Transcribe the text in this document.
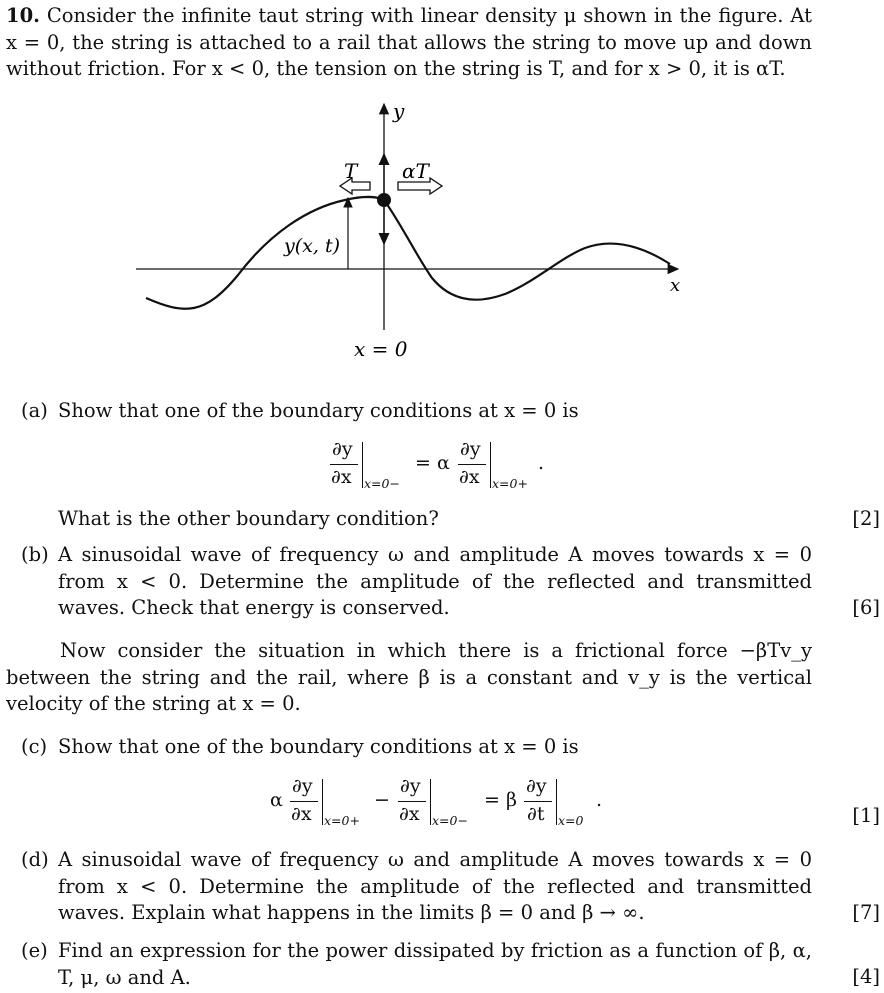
10. Consider the infinite taut string with linear density μ shown in the figure. At x = 0, the string is attached to a rail that allows the string to move up and down without friction. For x < 0, the tension on the string is T, and for x > 0, it is αT.
y
x
T αT
y(x, t)
x = 0
(a) Show that one of the boundary conditions at x = 0 is
∂y
∂x x=0−
= α
∂y
∂x x=0+
.
What is the other boundary condition?	[2]
(b) A sinusoidal wave of frequency ω and amplitude A moves towards x = 0 from x < 0. Determine the amplitude of the reflected and transmitted waves. Check that energy is conserved.	[6]
Now consider the situation in which there is a frictional force −βTv_y between the string and the rail, where β is a constant and v_y is the vertical velocity of the string at x = 0.
(c) Show that one of the boundary conditions at x = 0 is
α
∂y
∂x x=0+
−
∂y
∂x x=0−
= β
∂y
∂t x=0
.
[1]
(d) A sinusoidal wave of frequency ω and amplitude A moves towards x = 0 from x < 0. Determine the amplitude of the reflected and transmitted waves. Explain what happens in the limits β = 0 and β → ∞.	[7]
(e) Find an expression for the power dissipated by friction as a function of β, α, T, μ, ω and A.	[4]
